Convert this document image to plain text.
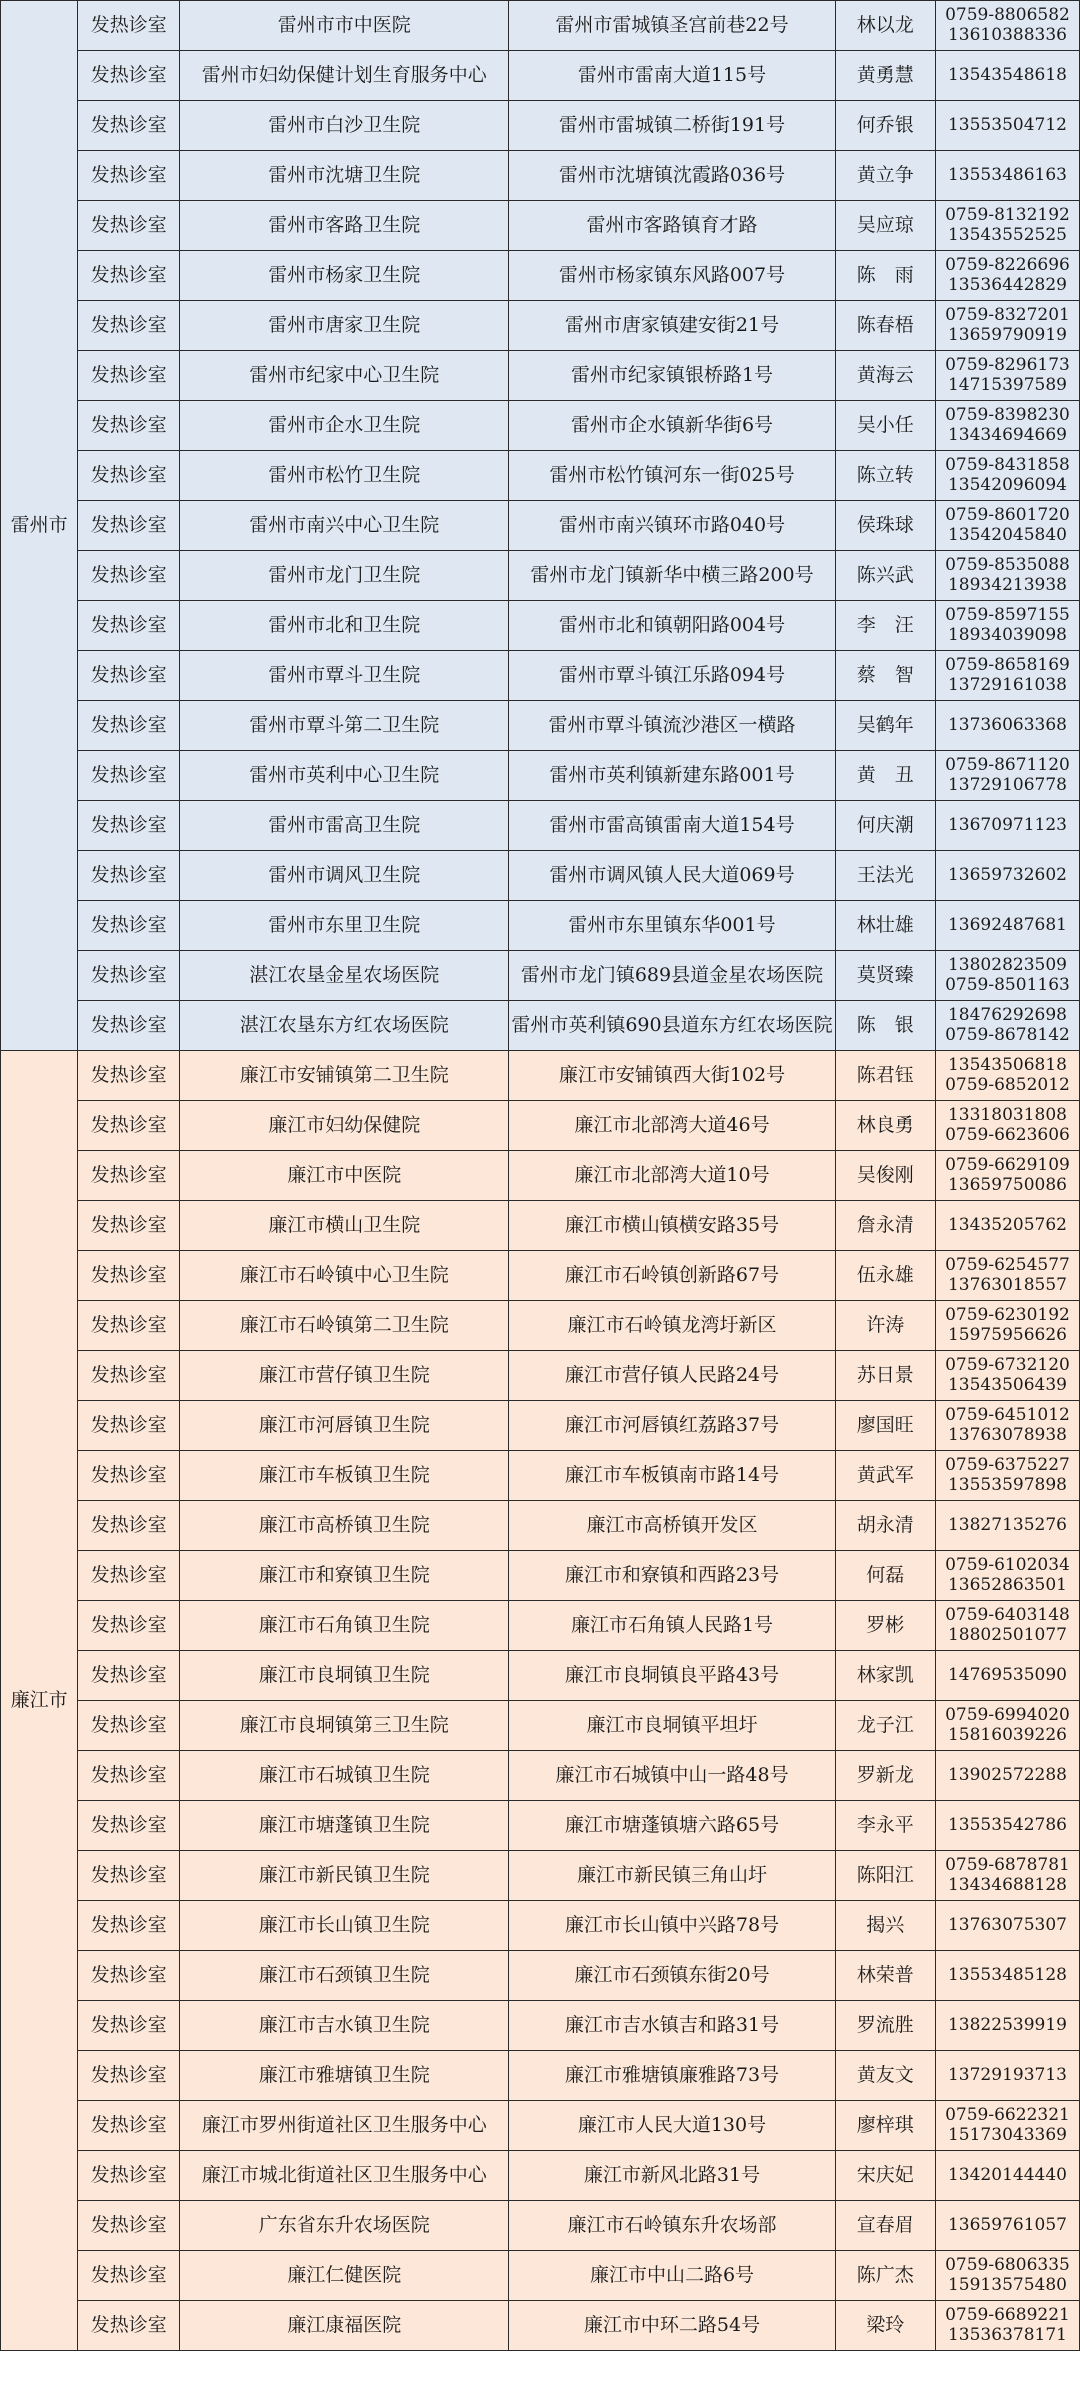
雷州市	发热诊室	雷州市市中医院	雷州市雷城镇圣宫前巷22号	林以龙	0759-8806582
13610388336
	发热诊室	雷州市妇幼保健计划生育服务中心	雷州市雷南大道115号	黄勇慧	13543548618
	发热诊室	雷州市白沙卫生院	雷州市雷城镇二桥街191号	何乔银	13553504712
	发热诊室	雷州市沈塘卫生院	雷州市沈塘镇沈霞路036号	黄立争	13553486163
	发热诊室	雷州市客路卫生院	雷州市客路镇育才路	吴应琼	0759-8132192
13543552525
	发热诊室	雷州市杨家卫生院	雷州市杨家镇东风路007号	陈　雨	0759-8226696
13536442829
	发热诊室	雷州市唐家卫生院	雷州市唐家镇建安街21号	陈春梧	0759-8327201
13659790919
	发热诊室	雷州市纪家中心卫生院	雷州市纪家镇银桥路1号	黄海云	0759-8296173
14715397589
	发热诊室	雷州市企水卫生院	雷州市企水镇新华街6号	吴小任	0759-8398230
13434694669
	发热诊室	雷州市松竹卫生院	雷州市松竹镇河东一街025号	陈立转	0759-8431858
13542096094
	发热诊室	雷州市南兴中心卫生院	雷州市南兴镇环市路040号	侯珠球	0759-8601720
13542045840
	发热诊室	雷州市龙门卫生院	雷州市龙门镇新华中横三路200号	陈兴武	0759-8535088
18934213938
	发热诊室	雷州市北和卫生院	雷州市北和镇朝阳路004号	李　汪	0759-8597155
18934039098
	发热诊室	雷州市覃斗卫生院	雷州市覃斗镇江乐路094号	蔡　智	0759-8658169
13729161038
	发热诊室	雷州市覃斗第二卫生院	雷州市覃斗镇流沙港区一横路	吴鹤年	13736063368
	发热诊室	雷州市英利中心卫生院	雷州市英利镇新建东路001号	黄　丑	0759-8671120
13729106778
	发热诊室	雷州市雷高卫生院	雷州市雷高镇雷南大道154号	何庆潮	13670971123
	发热诊室	雷州市调风卫生院	雷州市调风镇人民大道069号	王法光	13659732602
	发热诊室	雷州市东里卫生院	雷州市东里镇东华001号	林壮雄	13692487681
	发热诊室	湛江农垦金星农场医院	雷州市龙门镇689县道金星农场医院	莫贤臻	13802823509
0759-8501163
	发热诊室	湛江农垦东方红农场医院	雷州市英利镇690县道东方红农场医院	陈　银	18476292698
0759-8678142
廉江市	发热诊室	廉江市安铺镇第二卫生院	廉江市安铺镇西大街102号	陈君钰	13543506818
0759-6852012
	发热诊室	廉江市妇幼保健院	廉江市北部湾大道46号	林良勇	13318031808
0759-6623606
	发热诊室	廉江市中医院	廉江市北部湾大道10号	吴俊刚	0759-6629109
13659750086
	发热诊室	廉江市横山卫生院	廉江市横山镇横安路35号	詹永清	13435205762
	发热诊室	廉江市石岭镇中心卫生院	廉江市石岭镇创新路67号	伍永雄	0759-6254577
13763018557
	发热诊室	廉江市石岭镇第二卫生院	廉江市石岭镇龙湾圩新区	许涛	0759-6230192
15975956626
	发热诊室	廉江市营仔镇卫生院	廉江市营仔镇人民路24号	苏日景	0759-6732120
13543506439
	发热诊室	廉江市河唇镇卫生院	廉江市河唇镇红荔路37号	廖国旺	0759-6451012
13763078938
	发热诊室	廉江市车板镇卫生院	廉江市车板镇南市路14号	黄武军	0759-6375227
13553597898
	发热诊室	廉江市高桥镇卫生院	廉江市高桥镇开发区	胡永清	13827135276
	发热诊室	廉江市和寮镇卫生院	廉江市和寮镇和西路23号	何磊	0759-6102034
13652863501
	发热诊室	廉江市石角镇卫生院	廉江市石角镇人民路1号	罗彬	0759-6403148
18802501077
	发热诊室	廉江市良垌镇卫生院	廉江市良垌镇良平路43号	林家凯	14769535090
	发热诊室	廉江市良垌镇第三卫生院	廉江市良垌镇平坦圩	龙子江	0759-6994020
15816039226
	发热诊室	廉江市石城镇卫生院	廉江市石城镇中山一路48号	罗新龙	13902572288
	发热诊室	廉江市塘蓬镇卫生院	廉江市塘蓬镇塘六路65号	李永平	13553542786
	发热诊室	廉江市新民镇卫生院	廉江市新民镇三角山圩	陈阳江	0759-6878781
13434688128
	发热诊室	廉江市长山镇卫生院	廉江市长山镇中兴路78号	揭兴	13763075307
	发热诊室	廉江市石颈镇卫生院	廉江市石颈镇东街20号	林荣普	13553485128
	发热诊室	廉江市吉水镇卫生院	廉江市吉水镇吉和路31号	罗流胜	13822539919
	发热诊室	廉江市雅塘镇卫生院	廉江市雅塘镇廉雅路73号	黄友文	13729193713
	发热诊室	廉江市罗州街道社区卫生服务中心	廉江市人民大道130号	廖梓琪	0759-6622321
15173043369
	发热诊室	廉江市城北街道社区卫生服务中心	廉江市新风北路31号	宋庆妃	13420144440
	发热诊室	广东省东升农场医院	廉江市石岭镇东升农场部	宣春眉	13659761057
	发热诊室	廉江仁健医院	廉江市中山二路6号	陈广杰	0759-6806335
15913575480
	发热诊室	廉江康福医院	廉江市中环二路54号	梁玲	0759-6689221
13536378171
